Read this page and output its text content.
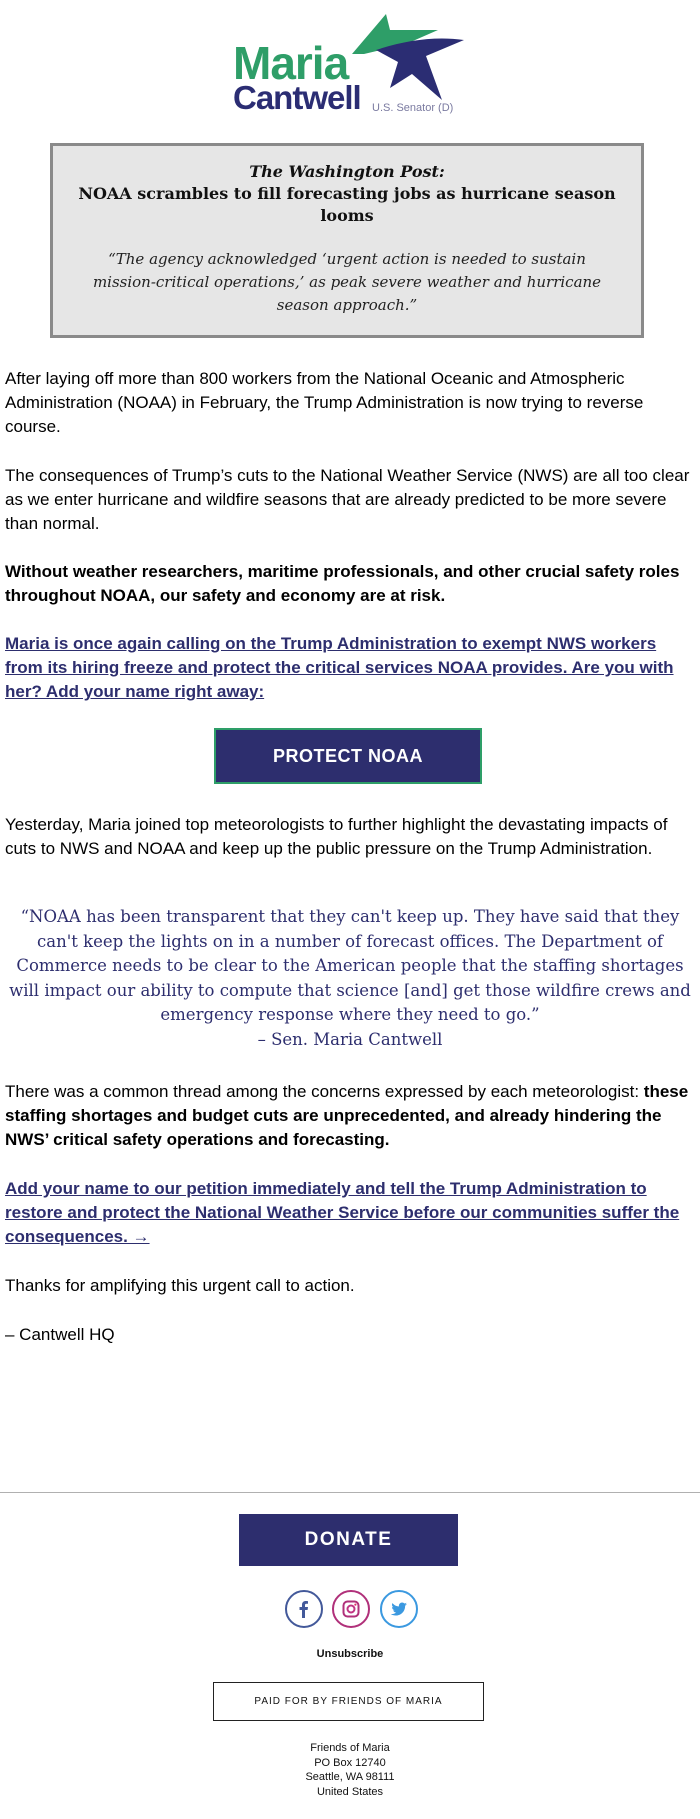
Maria
Cantwell U.S. Senator (D)
The Washington Post:
NOAA scrambles to fill forecasting jobs as hurricane season looms
“The agency acknowledged ‘urgent action is needed to sustain mission-critical operations,’ as peak severe weather and hurricane season approach.”

After laying off more than 800 workers from the National Oceanic and Atmospheric Administration (NOAA) in February, the Trump Administration is now trying to reverse course.

The consequences of Trump’s cuts to the National Weather Service (NWS) are all too clear as we enter hurricane and wildfire seasons that are already predicted to be more severe than normal.

Without weather researchers, maritime professionals, and other crucial safety roles throughout NOAA, our safety and economy are at risk.

Maria is once again calling on the Trump Administration to exempt NWS workers from its hiring freeze and protect the critical services NOAA provides. Are you with her? Add your name right away:

PROTECT NOAA

Yesterday, Maria joined top meteorologists to further highlight the devastating impacts of cuts to NWS and NOAA and keep up the public pressure on the Trump Administration.

“NOAA has been transparent that they can't keep up. They have said that they can't keep the lights on in a number of forecast offices. The Department of Commerce needs to be clear to the American people that the staffing shortages will impact our ability to compute that science [and] get those wildfire crews and emergency response where they need to go.”
– Sen. Maria Cantwell

There was a common thread among the concerns expressed by each meteorologist: these staffing shortages and budget cuts are unprecedented, and already hindering the NWS’ critical safety operations and forecasting.

Add your name to our petition immediately and tell the Trump Administration to restore and protect the National Weather Service before our communities suffer the consequences. →

Thanks for amplifying this urgent call to action.

– Cantwell HQ

DONATE
Unsubscribe
PAID FOR BY FRIENDS OF MARIA
Friends of Maria
PO Box 12740
Seattle, WA 98111
United States
